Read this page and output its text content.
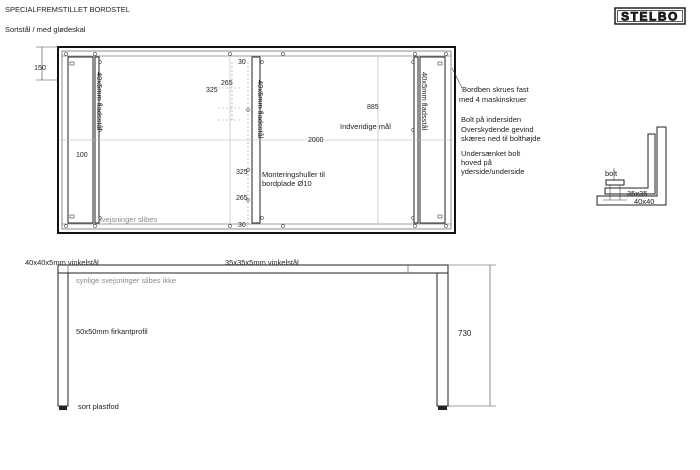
SPECIALFREMSTILLET BORDSTEL
Sortstål / med glødeskal
STELBO
150
100
885
2000
265
325
30
325
265
30
40x5mm fladsstål	40x5mm fladsstål	40x5mm fladsstål
Indvendige mål
Monteringshuller til
bordplade Ø10
svejsninger slibes
Bordben skrues fast
med 4 maskinskruer
Bolt på indersiden
Overskydende gevind
skæres ned til bolthøjde
Undersænket bolt
hoved på
yderside/underside	bolt
35x35
40x40
40x40x5mm vinkelstål	35x35x5mm vinkelstål
synlige svejsninger slibes ikke
50x50mm firkantprofil	730
sort plastfod
